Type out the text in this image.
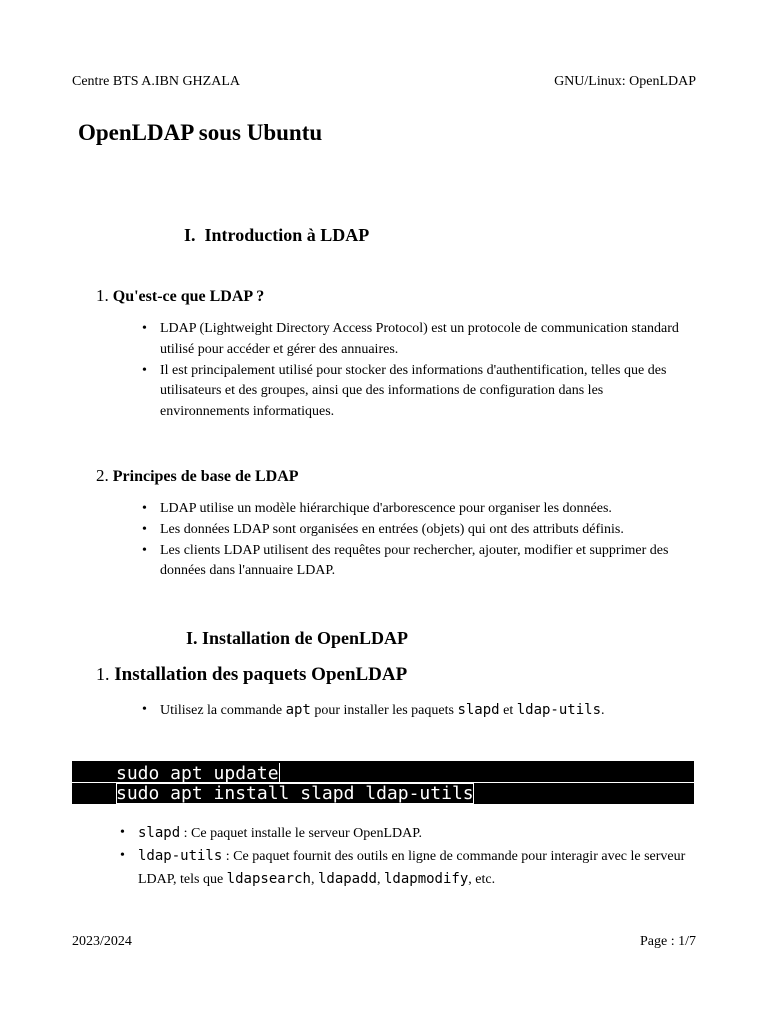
Centre BTS A.IBN GHZALA	GNU/Linux: OpenLDAP
OpenLDAP sous Ubuntu
I. Introduction à LDAP
1. Qu'est-ce que LDAP ?
• LDAP (Lightweight Directory Access Protocol) est un protocole de communication standard utilisé pour accéder et gérer des annuaires.
• Il est principalement utilisé pour stocker des informations d'authentification, telles que des utilisateurs et des groupes, ainsi que des informations de configuration dans les environnements informatiques.
2. Principes de base de LDAP
• LDAP utilise un modèle hiérarchique d'arborescence pour organiser les données.
• Les données LDAP sont organisées en entrées (objets) qui ont des attributs définis.
• Les clients LDAP utilisent des requêtes pour rechercher, ajouter, modifier et supprimer des données dans l'annuaire LDAP.
I. Installation de OpenLDAP
1. Installation des paquets OpenLDAP
• Utilisez la commande apt pour installer les paquets slapd et ldap-utils.
sudo apt update
sudo apt install slapd ldap-utils
• slapd : Ce paquet installe le serveur OpenLDAP.
• ldap-utils : Ce paquet fournit des outils en ligne de commande pour interagir avec le serveur LDAP, tels que ldapsearch, ldapadd, ldapmodify, etc.
2023/2024	Page : 1/7
